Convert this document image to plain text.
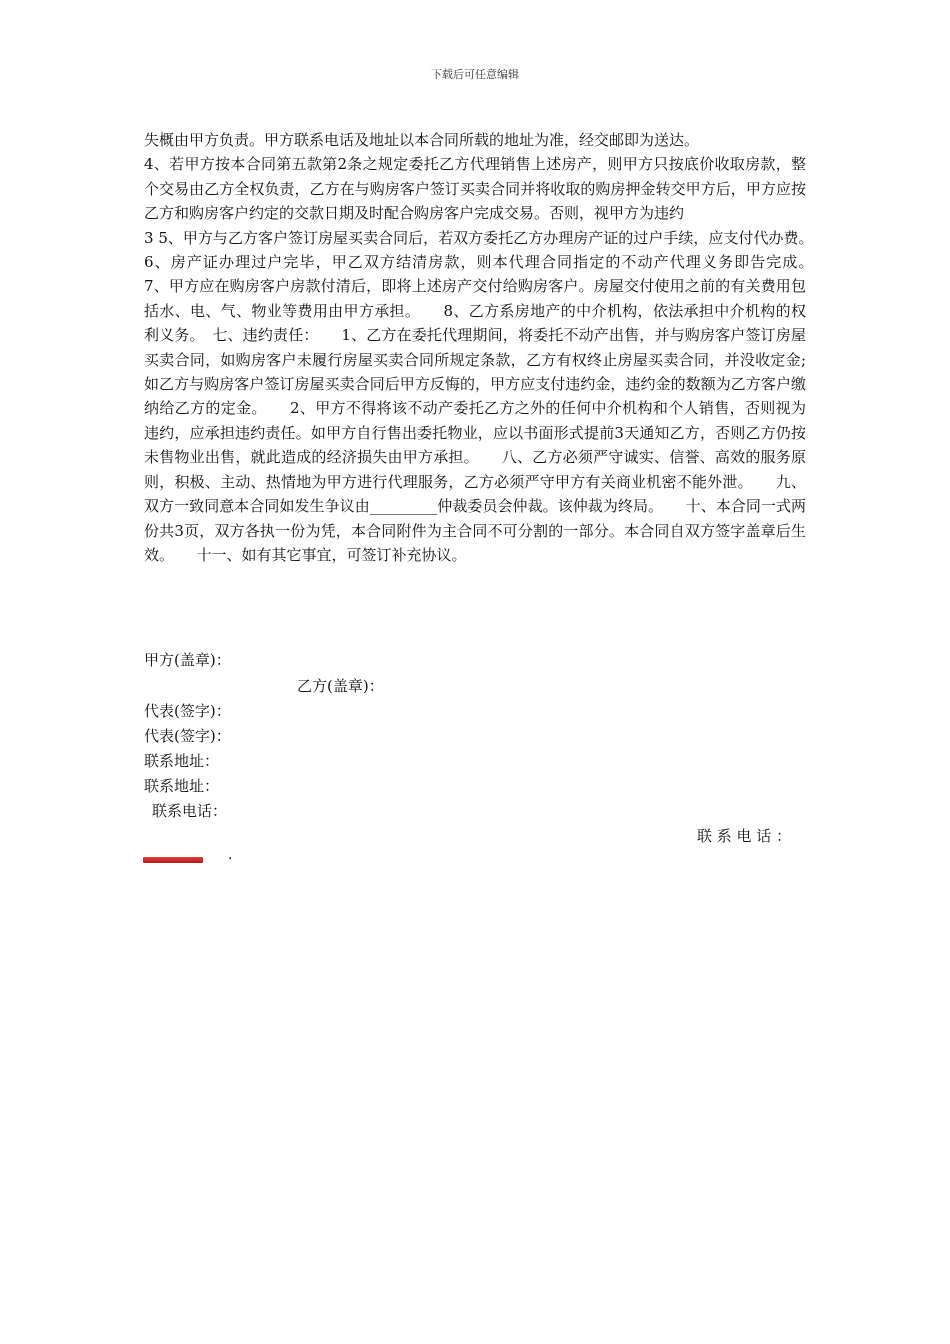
下载后可任意编辑

失概由甲方负责。甲方联系电话及地址以本合同所载的地址为准，经交邮即为送达。

4、若甲方按本合同第五款第2条之规定委托乙方代理销售上述房产，则甲方只按底价收取房款，整个交易由乙方全权负责，乙方在与购房客户签订买卖合同并将收取的购房押金转交甲方后，甲方应按乙方和购房客户约定的交款日期及时配合购房客户完成交易。否则，视甲方为违约

3 5、甲方与乙方客户签订房屋买卖合同后，若双方委托乙方办理房产证的过户手续，应支付代办费。　　6、房产证办理过户完毕，甲乙双方结清房款，则本代理合同指定的不动产代理义务即告完成。　　7、甲方应在购房客户房款付清后，即将上述房产交付给购房客户。房屋交付使用之前的有关费用包括水、电、气、物业等费用由甲方承担。　　8、乙方系房地产的中介机构，依法承担中介机构的权利义务。　七、违约责任：　　1、乙方在委托代理期间，将委托不动产出售，并与购房客户签订房屋买卖合同，如购房客户未履行房屋买卖合同所规定条款，乙方有权终止房屋买卖合同，并没收定金;如乙方与购房客户签订房屋买卖合同后甲方反悔的，甲方应支付违约金，违约金的数额为乙方客户缴纳给乙方的定金。　　2、甲方不得将该不动产委托乙方之外的任何中介机构和个人销售，否则视为违约，应承担违约责任。如甲方自行售出委托物业，应以书面形式提前3天通知乙方，否则乙方仍按未售物业出售，就此造成的经济损失由甲方承担。　　八、乙方必须严守诚实、信誉、高效的服务原则，积极、主动、热情地为甲方进行代理服务，乙方必须严守甲方有关商业机密不能外泄。　　九、双方一致同意本合同如发生争议由_________仲裁委员会仲裁。该仲裁为终局。　　十、本合同一式两份共3页，双方各执一份为凭，本合同附件为主合同不可分割的一部分。本合同自双方签字盖章后生效。　　十一、如有其它事宜，可签订补充协议。

甲方(盖章)：
乙方(盖章)：
代表(签字)：
代表(签字)：
联系地址：
联系地址：
联系电话：
联 系 电 话 ：
.
